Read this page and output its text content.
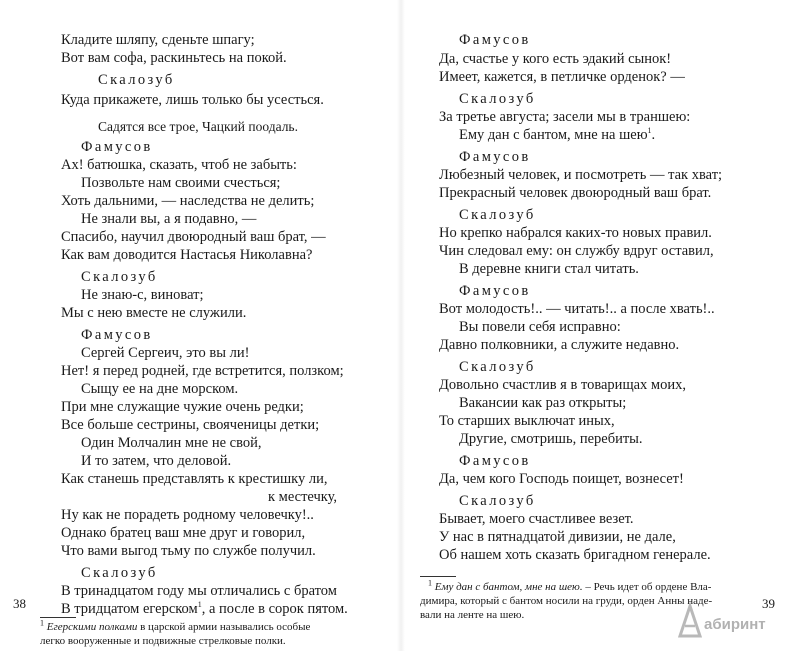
Кладите шляпу, сденьте шпагу;
Вот вам софа, раскиньтесь на покой.
Скалозуб
Куда прикажете, лишь только бы усесться.
Садятся все трое, Чацкий поодаль.
Фамусов
Ах! батюшка, сказать, чтоб не забыть:
Позвольте нам своими счесться;
Хоть дальними, — наследства не делить;
Не знали вы, а я подавно, —
Спасибо, научил двоюродный ваш брат, —
Как вам доводится Настасья Николавна?
Скалозуб
Не знаю-с, виноват;
Мы с нею вместе не служили.
Фамусов
Сергей Сергеич, это вы ли!
Нет! я перед родней, где встретится, ползком;
Сыщу ее на дне морском.
При мне служащие чужие очень редки;
Все больше сестрины, свояченицы детки;
Один Молчалин мне не свой,
И то затем, что деловой.
Как станешь представлять к крестишку ли,
к местечку,
Ну как не порадеть родному человечку!..
Однако братец ваш мне друг и говорил,
Что вами выгод тьму по службе получил.
Скалозуб
В тринадцатом году мы отличались с братом
В тридцатом егерском$^1$, а после в сорок пятом.
$^1$ Егерскими полками в царской армии назывались особые
легко вооруженные и подвижные стрелковые полки.
Фамусов
Да, счастье у кого есть эдакий сынок!
Имеет, кажется, в петличке орденок? —
Скалозуб
За третье августа; засели мы в траншею:
Ему дан с бантом, мне на шею$^1$.
Фамусов
Любезный человек, и посмотреть — так хват;
Прекрасный человек двоюродный ваш брат.
Скалозуб
Но крепко набрался каких-то новых правил.
Чин следовал ему: он службу вдруг оставил,
В деревне книги стал читать.
Фамусов
Вот молодость!.. — читать!.. а после хвать!..
Вы повели себя исправно:
Давно полковники, а служите недавно.
Скалозуб
Довольно счастлив я в товарищах моих,
Вакансии как раз открыты;
То старших выключат иных,
Другие, смотришь, перебиты.
Фамусов
Да, чем кого Господь поищет, вознесет!
Скалозуб
Бывает, моего счастливее везет.
У нас в пятнадцатой дивизии, не дале,
Об нашем хоть сказать бригадном генерале.
$^1$ Ему дан с бантом, мне на шею. – Речь идет об ордене Вла-
димира, который с бантом носили на груди, орден Анны наде-
вали на ленте на шею.
39
38
абиринт
